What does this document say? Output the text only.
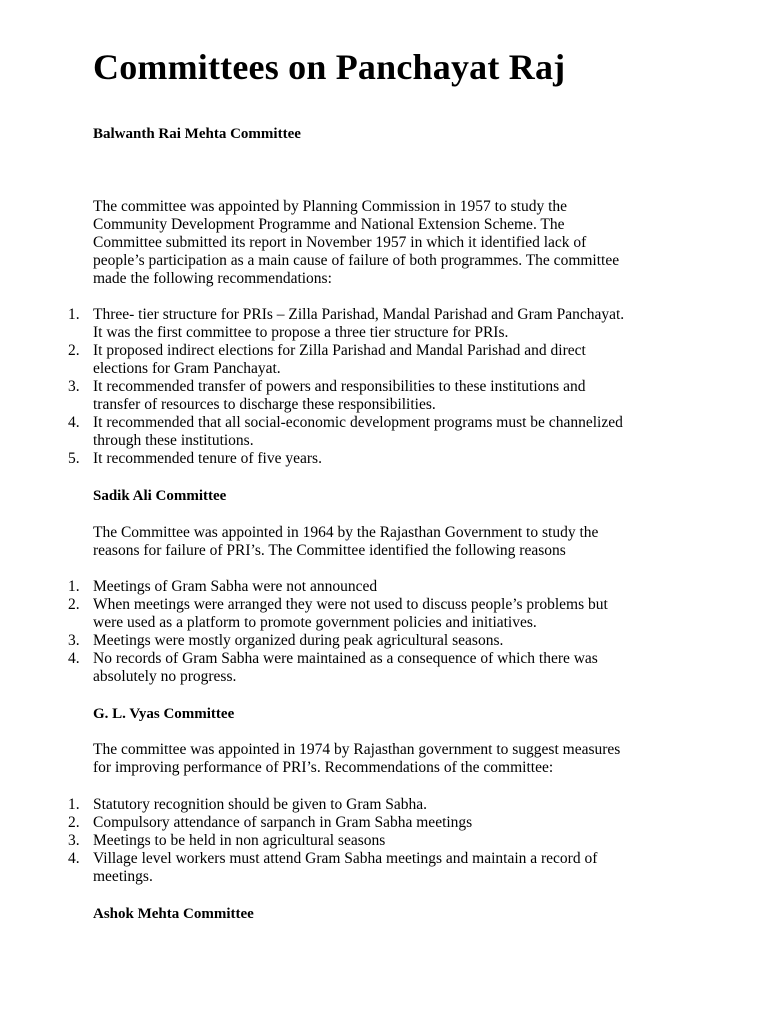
Committees on Panchayat Raj
Balwanth Rai Mehta Committee
The committee was appointed by Planning Commission in 1957 to study the
Community Development Programme and National Extension Scheme. The
Committee submitted its report in November 1957 in which it identified lack of
people’s participation as a main cause of failure of both programmes. The committee
made the following recommendations:
1. Three- tier structure for PRIs – Zilla Parishad, Mandal Parishad and Gram Panchayat.
It was the first committee to propose a three tier structure for PRIs.
2. It proposed indirect elections for Zilla Parishad and Mandal Parishad and direct
elections for Gram Panchayat.
3. It recommended transfer of powers and responsibilities to these institutions and
transfer of resources to discharge these responsibilities.
4. It recommended that all social-economic development programs must be channelized
through these institutions.
5. It recommended tenure of five years.
Sadik Ali Committee
The Committee was appointed in 1964 by the Rajasthan Government to study the
reasons for failure of PRI’s. The Committee identified the following reasons
1. Meetings of Gram Sabha were not announced
2. When meetings were arranged they were not used to discuss people’s problems but
were used as a platform to promote government policies and initiatives.
3. Meetings were mostly organized during peak agricultural seasons.
4. No records of Gram Sabha were maintained as a consequence of which there was
absolutely no progress.
G. L. Vyas Committee
The committee was appointed in 1974 by Rajasthan government to suggest measures
for improving performance of PRI’s. Recommendations of the committee:
1. Statutory recognition should be given to Gram Sabha.
2. Compulsory attendance of sarpanch in Gram Sabha meetings
3. Meetings to be held in non agricultural seasons
4. Village level workers must attend Gram Sabha meetings and maintain a record of
meetings.
Ashok Mehta Committee
